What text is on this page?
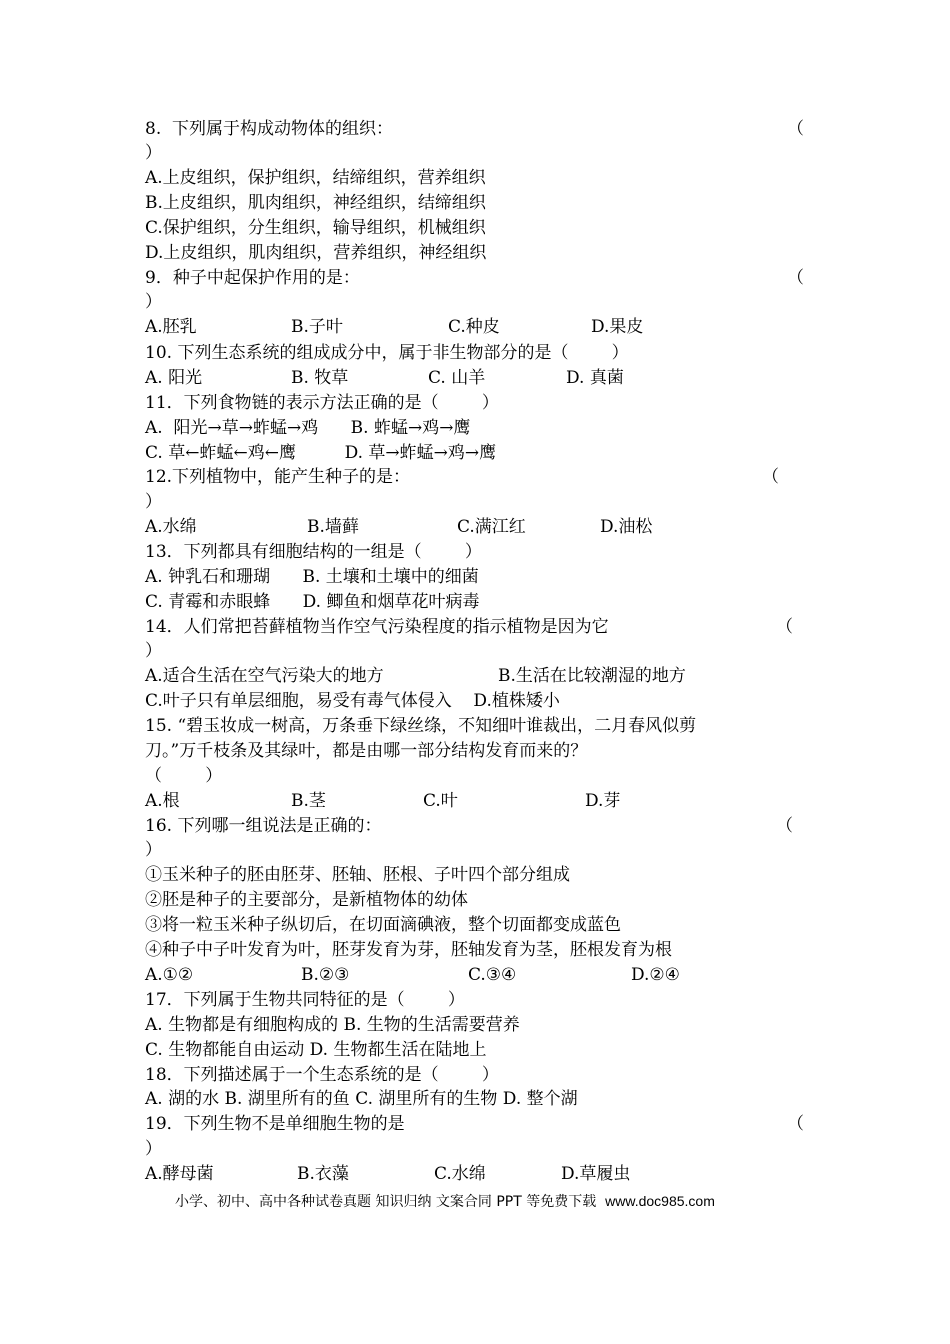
8.  下列属于构成动物体的组织：	（
）
A.上皮组织，保护组织，结缔组织，营养组织
B.上皮组织，肌肉组织，神经组织，结缔组织
C.保护组织，分生组织，输导组织，机械组织
D.上皮组织，肌肉组织，营养组织，神经组织
9．种子中起保护作用的是：	（
）
A.胚乳	B.子叶	C.种皮	D.果皮
10. 下列生态系统的组成成分中，属于非生物部分的是（        ）
A. 阳光	B. 牧草	C. 山羊	D. 真菌
11．下列食物链的表示方法正确的是（        ）
A.  阳光→草→蚱蜢→鸡      B. 蚱蜢→鸡→鹰
C. 草←蚱蜢←鸡←鹰         D. 草→蚱蜢→鸡→鹰
12.下列植物中，能产生种子的是：	（
）
A.水绵	B.墙藓	C.满江红	D.油松
13．下列都具有细胞结构的一组是（        ）
A. 钟乳石和珊瑚      B. 土壤和土壤中的细菌
C. 青霉和赤眼蜂      D. 鲫鱼和烟草花叶病毒
14．人们常把苔藓植物当作空气污染程度的指示植物是因为它	（
）
A.适合生活在空气污染大的地方	B.生活在比较潮湿的地方
C.叶子只有单层细胞，易受有毒气体侵入    D.植株矮小
15. “碧玉妆成一树高，万条垂下绿丝绦，不知细叶谁裁出，二月春风似剪
刀。”万千枝条及其绿叶，都是由哪一部分结构发育而来的？
（        ）
A.根	B.茎	C.叶	D.芽
16. 下列哪一组说法是正确的：	（
）
①玉米种子的胚由胚芽、胚轴、胚根、子叶四个部分组成
②胚是种子的主要部分，是新植物体的幼体
③将一粒玉米种子纵切后，在切面滴碘液，整个切面都变成蓝色
④种子中子叶发育为叶，胚芽发育为芽，胚轴发育为茎，胚根发育为根
A.①②	B.②③	C.③④	D.②④
17．下列属于生物共同特征的是（        ）
A. 生物都是有细胞构成的 B. 生物的生活需要营养
C. 生物都能自由运动 D. 生物都生活在陆地上
18．下列描述属于一个生态系统的是（        ）
A. 湖的水 B. 湖里所有的鱼 C. 湖里所有的生物 D. 整个湖
19．下列生物不是单细胞生物的是	（
）
A.酵母菌	B.衣藻	C.水绵	D.草履虫
小学、初中、高中各种试卷真题 知识归纳 文案合同 PPT 等免费下载 www.doc985.com
